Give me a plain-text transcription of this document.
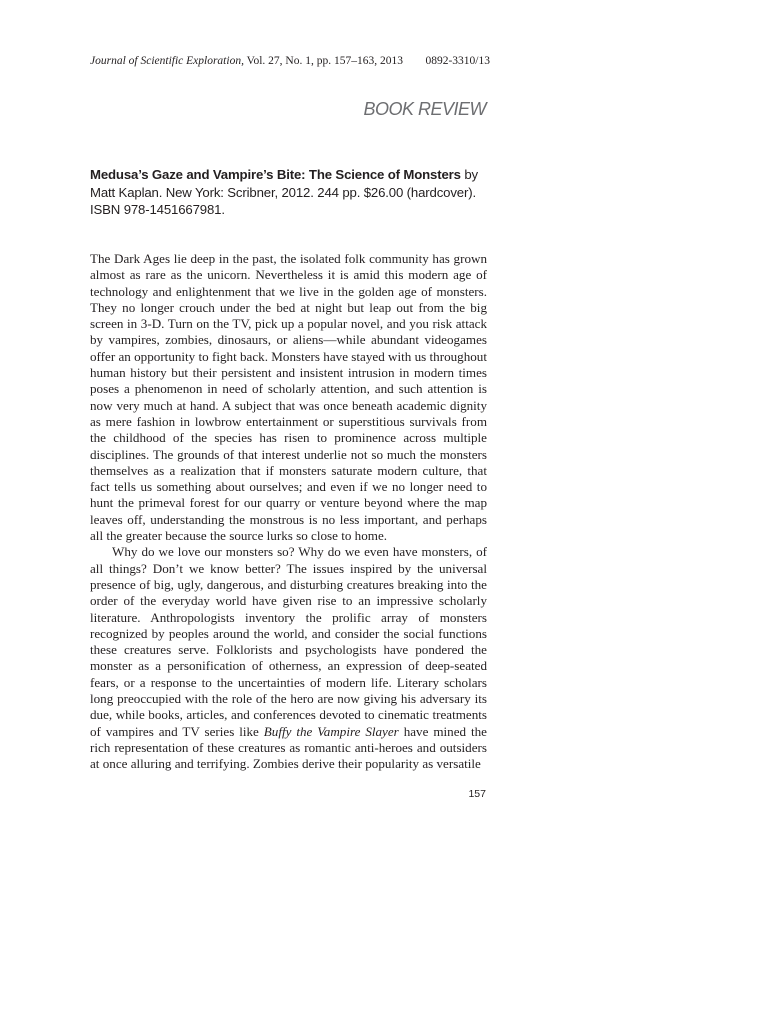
Journal of Scientific Exploration, Vol. 27, No. 1, pp. 157–163, 2013 0892-3310/13
BOOK REVIEW
Medusa’s Gaze and Vampire’s Bite: The Science of Monsters by Matt Kaplan. New York: Scribner, 2012. 244 pp. $26.00 (hardcover). ISBN 978-1451667981.

The Dark Ages lie deep in the past, the isolated folk community has grown almost as rare as the unicorn. Nevertheless it is amid this modern age of technology and enlightenment that we live in the golden age of monsters. They no longer crouch under the bed at night but leap out from the big screen in 3-D. Turn on the TV, pick up a popular novel, and you risk attack by vampires, zombies, dinosaurs, or aliens—while abundant videogames offer an opportunity to fight back. Monsters have stayed with us throughout human history but their persistent and insistent intrusion in modern times poses a phenomenon in need of scholarly attention, and such attention is now very much at hand. A subject that was once beneath academic dignity as mere fashion in lowbrow entertainment or superstitious survivals from the childhood of the species has risen to prominence across multiple disciplines. The grounds of that interest underlie not so much the monsters themselves as a realization that if monsters saturate modern culture, that fact tells us something about ourselves; and even if we no longer need to hunt the primeval forest for our quarry or venture beyond where the map leaves off, understanding the monstrous is no less important, and perhaps all the greater because the source lurks so close to home.

Why do we love our monsters so? Why do we even have monsters, of all things? Don’t we know better? The issues inspired by the universal presence of big, ugly, dangerous, and disturbing creatures breaking into the order of the everyday world have given rise to an impressive scholarly literature. Anthropologists inventory the prolific array of monsters recognized by peoples around the world, and consider the social functions these creatures serve. Folklorists and psychologists have pondered the monster as a personification of otherness, an expression of deep-seated fears, or a response to the uncertainties of modern life. Literary scholars long preoccupied with the role of the hero are now giving his adversary its due, while books, articles, and conferences devoted to cinematic treatments of vampires and TV series like Buffy the Vampire Slayer have mined the rich representation of these creatures as romantic anti-heroes and outsiders at once alluring and terrifying. Zombies derive their popularity as versatile

157
